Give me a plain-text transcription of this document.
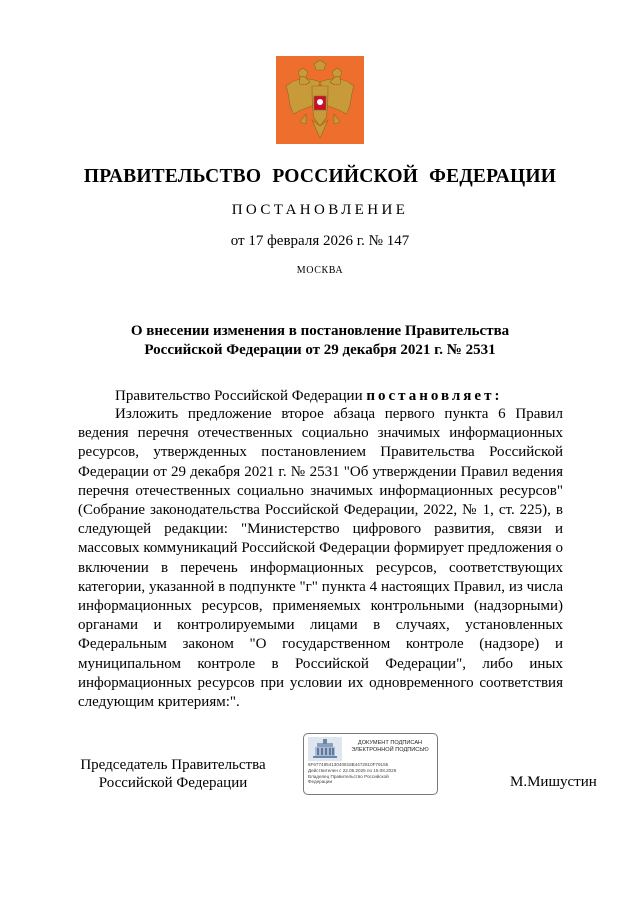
ПРАВИТЕЛЬСТВО РОССИЙСКОЙ ФЕДЕРАЦИИ
ПОСТАНОВЛЕНИЕ
от 17 февраля 2026 г. № 147
МОСКВА
О внесении изменения в постановление Правительства
Российской Федерации от 29 декабря 2021 г. № 2531
Правительство Российской Федерации постановляет:

Изложить предложение второе абзаца первого пункта 6 Правил ведения перечня отечественных социально значимых информационных ресурсов, утвержденных постановлением Правительства Российской Федерации от 29 декабря 2021 г. № 2531 "Об утверждении Правил ведения перечня отечественных социально значимых информационных ресурсов" (Собрание законодательства Российской Федерации, 2022, № 1, ст. 225), в следующей редакции: "Министерство цифрового развития, связи и массовых коммуникаций Российской Федерации формирует предложения о включении в перечень информационных ресурсов, соответствующих категории, указанной в подпункте "г" пункта 4 настоящих Правил, из числа информационных ресурсов, применяемых контрольными (надзорными) органами и контролируемыми лицами в случаях, установленных Федеральным законом "О государственном контроле (надзоре) и муниципальном контроле в Российской Федерации", либо иных информационных ресурсов при условии их одновременного соответствия следующим критериям:".

Председатель Правительства
Российской Федерации
ДОКУМЕНТ ПОДПИСАН
ЭЛЕКТРОННОЙ ПОДПИСЬЮ
6F677485413040818B4472810F79155
Действителен с 22.05.2025 по 15.08.2026
Владелец Правительство Российской
Федерации	М.Мишустин
